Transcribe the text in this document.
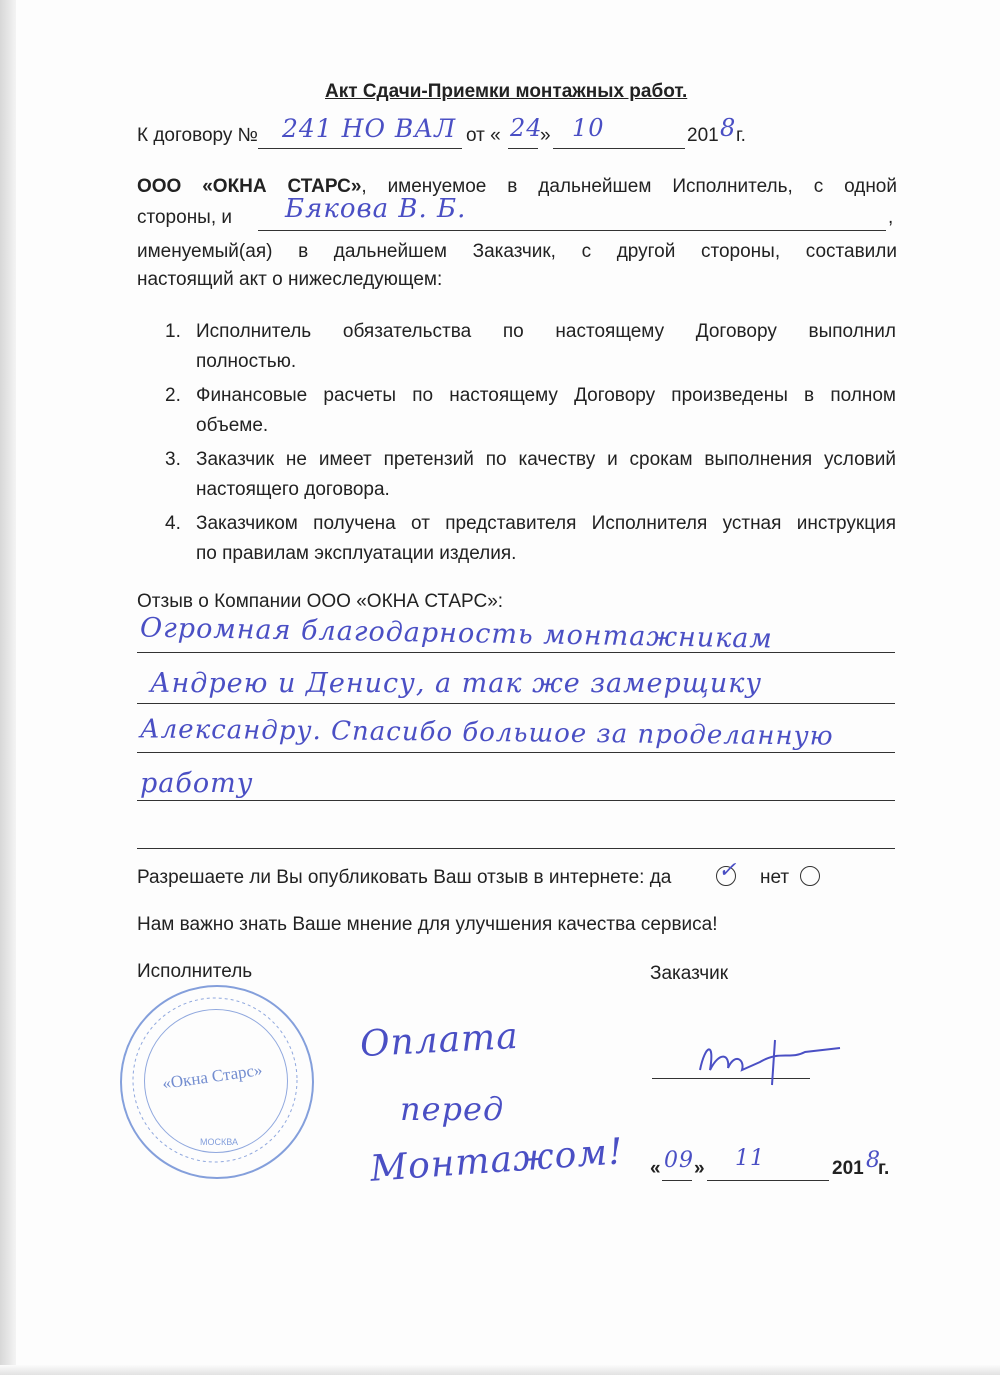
Акт Сдачи-Приемки монтажных работ.
К договору № 241 НО ВАЛ от « 24
» 10	201 8 г.
ООО «ОКНА СТАРС», именуемое в дальнейшем Исполнитель, с одной
стороны, и Бякова В. Б.	,
именуемый(ая) в дальнейшем Заказчик, с другой стороны, составили
настоящий акт о нижеследующем:
1. Исполнитель обязательства по настоящему Договору выполнил
полностью.
2. Финансовые расчеты по настоящему Договору произведены в полном
объеме.
3. Заказчик не имеет претензий по качеству и срокам выполнения условий
настоящего договора.
4. Заказчиком получена от представителя Исполнителя устная инструкция
по правилам эксплуатации изделия.
Отзыв о Компании ООО «ОКНА СТАРС»:
Огромная благодарность монтажникам
Андрею и Денису, а так же замерщику
Александру. Спасибо большое за проделанную
работу
Разрешаете ли Вы опубликовать Ваш отзыв в интернете: да ✓ нет
Нам важно знать Ваше мнение для улучшения качества сервиса!
Исполнитель	Заказчик
«Окна Старс»
МОСКВА
Оплата
перед
Монтажом! « 09 » 11	201 8
г.
